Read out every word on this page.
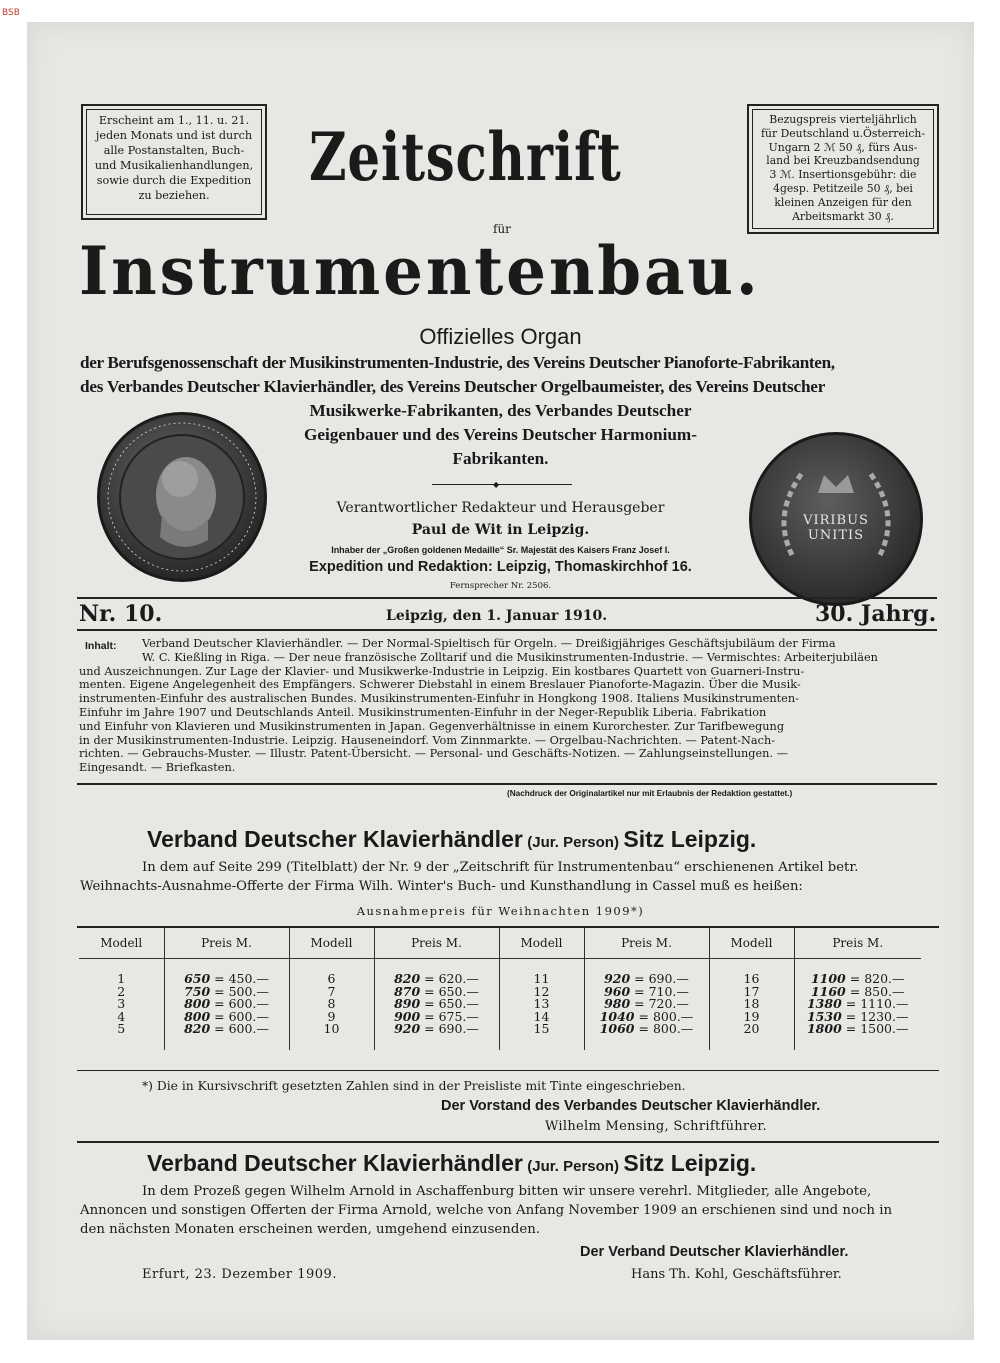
BSB
Erscheint am 1., 11. u. 21.
jeden Monats und ist durch
alle Postanstalten, Buch-
und Musikalienhandlungen,
sowie durch die Expedition
zu beziehen.
Bezugspreis vierteljährlich
für Deutschland u.Österreich-
Ungarn 2 ℳ 50 ₰, fürs Aus-
land bei Kreuzbandsendung
3 ℳ. Insertionsgebühr: die
4gesp. Petitzeile 50 ₰, bei
kleinen Anzeigen für den
Arbeitsmarkt 30 ₰.
Zeitschrift
für
Instrumentenbau.
Offizielles Organ
der Berufsgenossenschaft der Musikinstrumenten-Industrie, des Vereins Deutscher Pianoforte-Fabrikanten,
des Verbandes Deutscher Klavierhändler, des Vereins Deutscher Orgelbaumeister, des Vereins Deutscher
Musikwerke-Fabrikanten, des Verbandes Deutscher
Geigenbauer und des Vereins Deutscher Harmonium-
Fabrikanten.
◆
VIRIBUS
UNITIS
Verantwortlicher Redakteur und Herausgeber
Paul de Wit in Leipzig.
Inhaber der „Großen goldenen Medaille“ Sr. Majestät des Kaisers Franz Josef I.
Expedition und Redaktion: Leipzig, Thomaskirchhof 16.
Fernsprecher Nr. 2506.
Nr. 10.	Leipzig, den 1. Januar 1910.	30. Jahrg.
Inhalt: Verband Deutscher Klavierhändler. — Der Normal-Spieltisch für Orgeln. — Dreißigjähriges Geschäftsjubiläum der Firma
W. C. Kießling in Riga. — Der neue französische Zolltarif und die Musikinstrumenten-Industrie. — Vermischtes: Arbeiterjubiläen
und Auszeichnungen. Zur Lage der Klavier- und Musikwerke-Industrie in Leipzig. Ein kostbares Quartett von Guarneri-Instru-
menten. Eigene Angelegenheit des Empfängers. Schwerer Diebstahl in einem Breslauer Pianoforte-Magazin. Über die Musik-
instrumenten-Einfuhr des australischen Bundes. Musikinstrumenten-Einfuhr in Hongkong 1908. Italiens Musikinstrumenten-
Einfuhr im Jahre 1907 und Deutschlands Anteil. Musikinstrumenten-Einfuhr in der Neger-Republik Liberia. Fabrikation
und Einfuhr von Klavieren und Musikinstrumenten in Japan. Gegenverhältnisse in einem Kurorchester. Zur Tarifbewegung
in der Musikinstrumenten-Industrie. Leipzig. Hauseneindorf. Vom Zinnmarkte. — Orgelbau-Nachrichten. — Patent-Nach-
richten. — Gebrauchs-Muster. — Illustr. Patent-Übersicht. — Personal- und Geschäfts-Notizen. — Zahlungseinstellungen. —
Eingesandt. — Briefkasten.
(Nachdruck der Originalartikel nur mit Erlaubnis der Redaktion gestattet.)
Verband Deutscher Klavierhändler (Jur. Person) Sitz Leipzig.
In dem auf Seite 299 (Titelblatt) der Nr. 9 der „Zeitschrift für Instrumentenbau“ erschienenen Artikel betr.
Weihnachts-Ausnahme-Offerte der Firma Wilh. Winter's Buch- und Kunsthandlung in Cassel muß es heißen:
Ausnahmepreis für Weihnachten 1909*)
Modell	Preis M.	Modell	Preis M.	Modell	Preis M.	Modell	Preis M.
1	650 = 450.—	6	820 = 620.—	11	920 = 690.—	16	1100 = 820.—
2	750 = 500.—	7	870 = 650.—	12	960 = 710.—	17	1160 = 850.—
3	800 = 600.—	8	890 = 650.—	13	980 = 720.—	18	1380 = 1110.—
4	800 = 600.—	9	900 = 675.—	14	1040 = 800.—	19	1530 = 1230.—
5	820 = 600.—	10	920 = 690.—	15	1060 = 800.—	20	1800 = 1500.—
*) Die in Kursivschrift gesetzten Zahlen sind in der Preisliste mit Tinte eingeschrieben.
Der Vorstand des Verbandes Deutscher Klavierhändler.
Wilhelm Mensing, Schriftführer.
Verband Deutscher Klavierhändler (Jur. Person) Sitz Leipzig.
In dem Prozeß gegen Wilhelm Arnold in Aschaffenburg bitten wir unsere verehrl. Mitglieder, alle Angebote,
Annoncen und sonstigen Offerten der Firma Arnold, welche von Anfang November 1909 an erschienen sind und noch in
den nächsten Monaten erscheinen werden, umgehend einzusenden.
Der Verband Deutscher Klavierhändler.
Erfurt, 23. Dezember 1909.	Hans Th. Kohl, Geschäftsführer.
